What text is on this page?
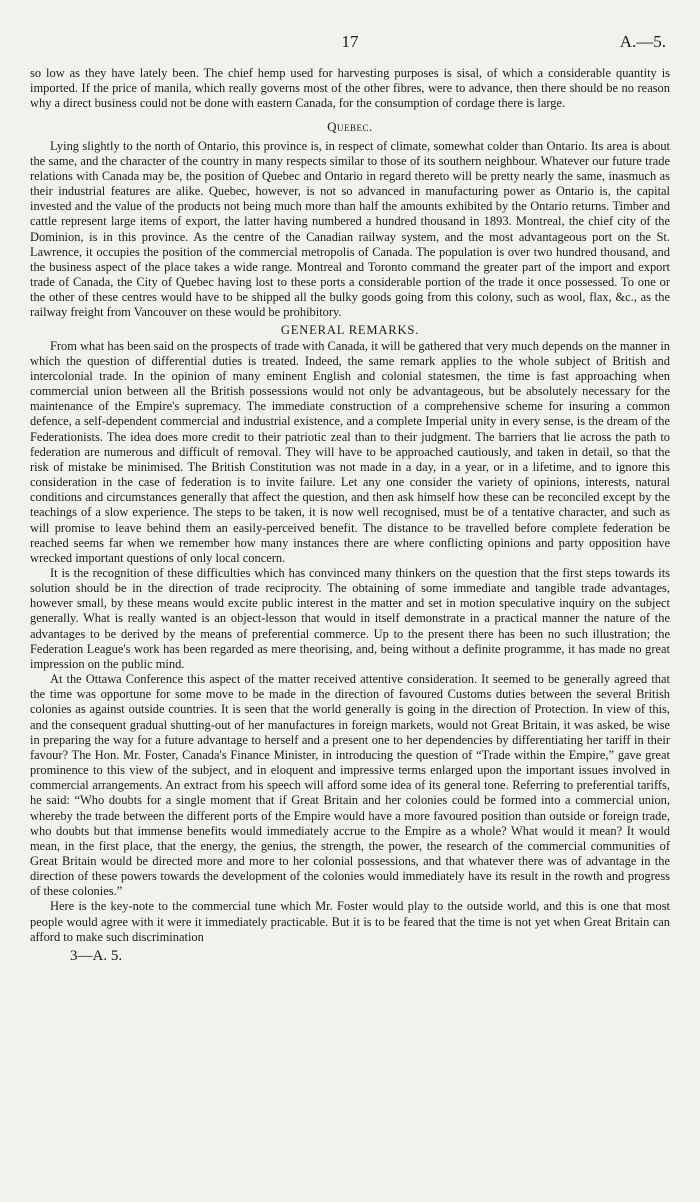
17	A.—5.

so low as they have lately been. The chief hemp used for harvesting purposes is sisal, of which a considerable quantity is imported. If the price of manila, which really governs most of the other fibres, were to advance, then there should be no reason why a direct business could not be done with eastern Canada, for the consumption of cordage there is large.

Quebec.

Lying slightly to the north of Ontario, this province is, in respect of climate, somewhat colder than Ontario. Its area is about the same, and the character of the country in many respects similar to those of its southern neighbour. Whatever our future trade relations with Canada may be, the position of Quebec and Ontario in regard thereto will be pretty nearly the same, inasmuch as their industrial features are alike. Quebec, however, is not so advanced in manufacturing power as Ontario is, the capital invested and the value of the products not being much more than half the amounts exhibited by the Ontario returns. Timber and cattle represent large items of export, the latter having numbered a hundred thousand in 1893. Montreal, the chief city of the Dominion, is in this province. As the centre of the Canadian railway system, and the most advantageous port on the St. Lawrence, it occupies the position of the commercial metropolis of Canada. The population is over two hundred thousand, and the business aspect of the place takes a wide range. Montreal and Toronto command the greater part of the import and export trade of Canada, the City of Quebec having lost to these ports a considerable portion of the trade it once possessed. To one or the other of these centres would have to be shipped all the bulky goods going from this colony, such as wool, flax, &c., as the railway freight from Vancouver on these would be prohibitory.

GENERAL REMARKS.

From what has been said on the prospects of trade with Canada, it will be gathered that very much depends on the manner in which the question of differential duties is treated. Indeed, the same remark applies to the whole subject of British and intercolonial trade. In the opinion of many eminent English and colonial statesmen, the time is fast approaching when commercial union between all the British possessions would not only be advantageous, but be absolutely necessary for the maintenance of the Empire's supremacy. The immediate construction of a comprehensive scheme for insuring a common defence, a self-dependent commercial and industrial existence, and a complete Imperial unity in every sense, is the dream of the Federationists. The idea does more credit to their patriotic zeal than to their judgment. The barriers that lie across the path to federation are numerous and difficult of removal. They will have to be approached cautiously, and taken in detail, so that the risk of mistake be minimised. The British Constitution was not made in a day, in a year, or in a lifetime, and to ignore this consideration in the case of federation is to invite failure. Let any one consider the variety of opinions, interests, natural conditions and circumstances generally that affect the question, and then ask himself how these can be reconciled except by the teachings of a slow experience. The steps to be taken, it is now well recognised, must be of a tentative character, and such as will promise to leave behind them an easily-perceived benefit. The distance to be travelled before complete federation be reached seems far when we remember how many instances there are where conflicting opinions and party opposition have wrecked important questions of only local concern.

It is the recognition of these difficulties which has convinced many thinkers on the question that the first steps towards its solution should be in the direction of trade reciprocity. The obtaining of some immediate and tangible trade advantages, however small, by these means would excite public interest in the matter and set in motion speculative inquiry on the subject generally. What is really wanted is an object-lesson that would in itself demonstrate in a practical manner the nature of the advantages to be derived by the means of preferential commerce. Up to the present there has been no such illustration; the Federation League's work has been regarded as mere theorising, and, being without a definite programme, it has made no great impression on the public mind.

At the Ottawa Conference this aspect of the matter received attentive consideration. It seemed to be generally agreed that the time was opportune for some move to be made in the direction of favoured Customs duties between the several British colonies as against outside countries. It is seen that the world generally is going in the direction of Protection. In view of this, and the consequent gradual shutting-out of her manufactures in foreign markets, would not Great Britain, it was asked, be wise in preparing the way for a future advantage to herself and a present one to her dependencies by differentiating her tariff in their favour? The Hon. Mr. Foster, Canada's Finance Minister, in introducing the question of “Trade within the Empire,” gave great prominence to this view of the subject, and in eloquent and impressive terms enlarged upon the important issues involved in commercial arrangements. An extract from his speech will afford some idea of its general tone. Referring to preferential tariffs, he said: “Who doubts for a single moment that if Great Britain and her colonies could be formed into a commercial union, whereby the trade between the different ports of the Empire would have a more favoured position than outside or foreign trade, who doubts but that immense benefits would immediately accrue to the Empire as a whole? What would it mean? It would mean, in the first place, that the energy, the genius, the strength, the power, the research of the commercial communities of Great Britain would be directed more and more to her colonial possessions, and that whatever there was of advantage in the direction of these powers towards the development of the colonies would immediately have its result in the rowth and progress of these colonies.”

Here is the key-note to the commercial tune which Mr. Foster would play to the outside world, and this is one that most people would agree with it were it immediately practicable. But it is to be feared that the time is not yet when Great Britain can afford to make such discrimination

3—A. 5.
